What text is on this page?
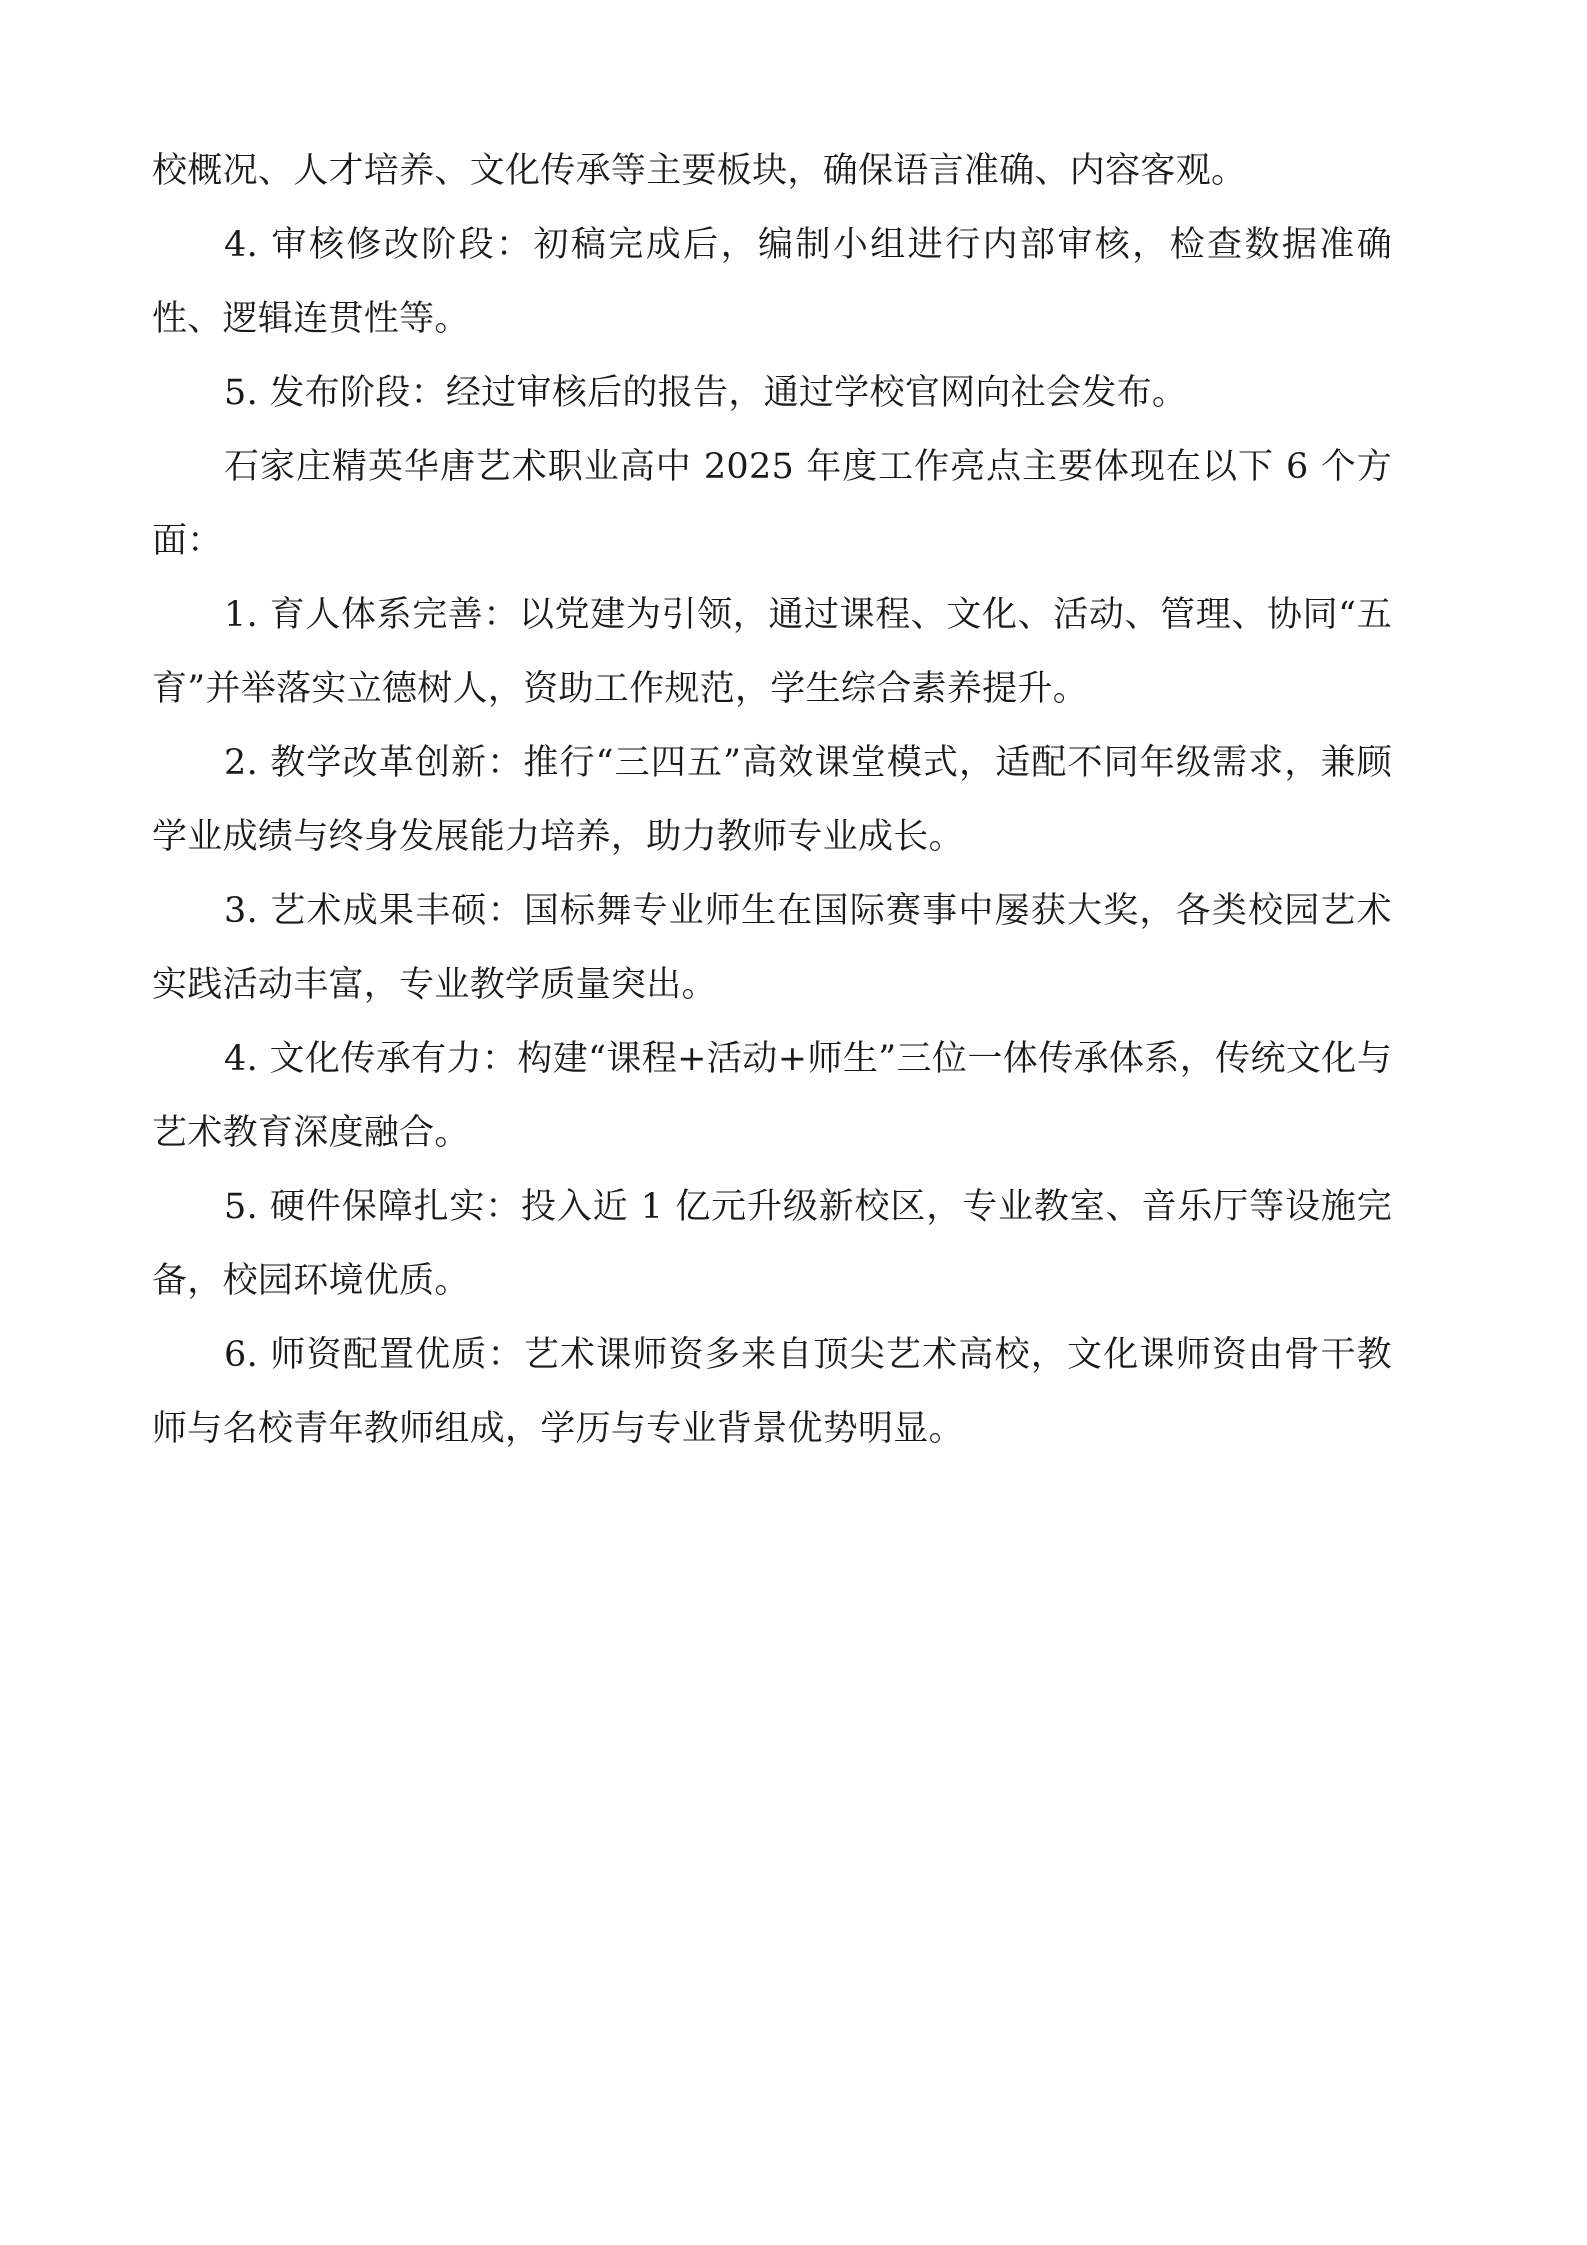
校概况、人才培养、文化传承等主要板块，确保语言准确、内容客观。

4. 审核修改阶段：初稿完成后，编制小组进行内部审核，检查数据准确性、逻辑连贯性等。

5. 发布阶段：经过审核后的报告，通过学校官网向社会发布。

石家庄精英华唐艺术职业高中 2025 年度工作亮点主要体现在以下 6 个方面：

1. 育人体系完善：以党建为引领，通过课程、文化、活动、管理、协同“五育”并举落实立德树人，资助工作规范，学生综合素养提升。

2. 教学改革创新：推行“三四五”高效课堂模式，适配不同年级需求，兼顾学业成绩与终身发展能力培养，助力教师专业成长。

3. 艺术成果丰硕：国标舞专业师生在国际赛事中屡获大奖，各类校园艺术实践活动丰富，专业教学质量突出。

4. 文化传承有力：构建“课程+活动+师生”三位一体传承体系，传统文化与艺术教育深度融合。

5. 硬件保障扎实：投入近 1 亿元升级新校区，专业教室、音乐厅等设施完备，校园环境优质。

6. 师资配置优质：艺术课师资多来自顶尖艺术高校，文化课师资由骨干教师与名校青年教师组成，学历与专业背景优势明显。
